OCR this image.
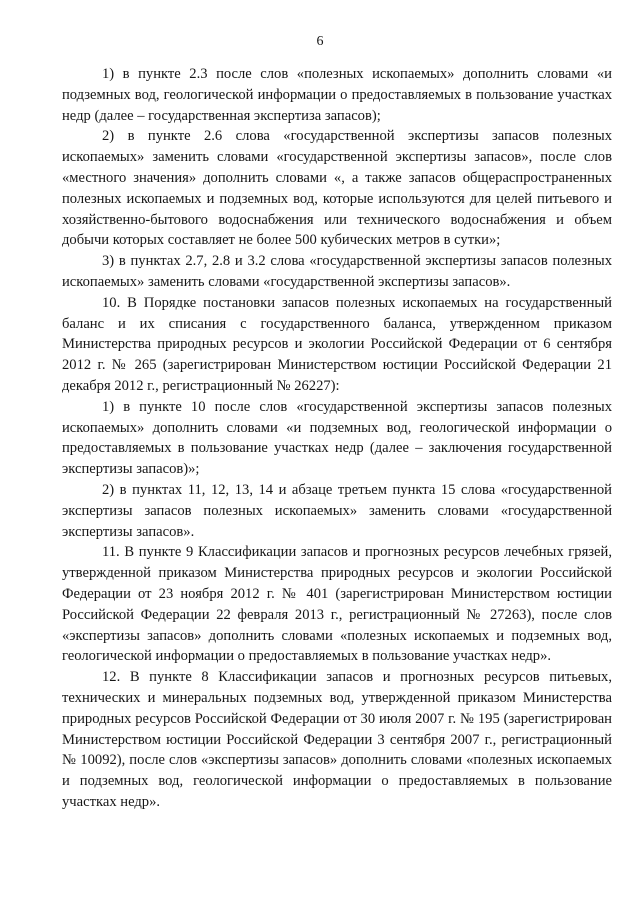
6

1) в пункте 2.3 после слов «полезных ископаемых» дополнить словами «и подземных вод, геологической информации о предоставляемых в пользование участках недр (далее – государственная экспертиза запасов);

2) в пункте 2.6 слова «государственной экспертизы запасов полезных ископаемых» заменить словами «государственной экспертизы запасов», после слов «местного значения» дополнить словами «, а также запасов общераспространенных полезных ископаемых и подземных вод, которые используются для целей питьевого и хозяйственно-бытового водоснабжения или технического водоснабжения и объем добычи которых составляет не более 500 кубических метров в сутки»;

3) в пунктах 2.7, 2.8 и 3.2 слова «государственной экспертизы запасов полезных ископаемых» заменить словами «государственной экспертизы запасов».

10. В Порядке постановки запасов полезных ископаемых на государственный баланс и их списания с государственного баланса, утвержденном приказом Министерства природных ресурсов и экологии Российской Федерации от 6 сентября 2012 г. № 265 (зарегистрирован Министерством юстиции Российской Федерации 21 декабря 2012 г., регистрационный № 26227):

1) в пункте 10 после слов «государственной экспертизы запасов полезных ископаемых» дополнить словами «и подземных вод, геологической информации о предоставляемых в пользование участках недр (далее – заключения государственной экспертизы запасов)»;

2) в пунктах 11, 12, 13, 14 и абзаце третьем пункта 15 слова «государственной экспертизы запасов полезных ископаемых» заменить словами «государственной экспертизы запасов».

11. В пункте 9 Классификации запасов и прогнозных ресурсов лечебных грязей, утвержденной приказом Министерства природных ресурсов и экологии Российской Федерации от 23 ноября 2012 г. № 401 (зарегистрирован Министерством юстиции Российской Федерации 22 февраля 2013 г., регистрационный № 27263), после слов «экспертизы запасов» дополнить словами «полезных ископаемых и подземных вод, геологической информации о предоставляемых в пользование участках недр».

12. В пункте 8 Классификации запасов и прогнозных ресурсов питьевых, технических и минеральных подземных вод, утвержденной приказом Министерства природных ресурсов Российской Федерации от 30 июля 2007 г. № 195 (зарегистрирован Министерством юстиции Российской Федерации 3 сентября 2007 г., регистрационный № 10092), после слов «экспертизы запасов» дополнить словами «полезных ископаемых и подземных вод, геологической информации о предоставляемых в пользование участках недр».
